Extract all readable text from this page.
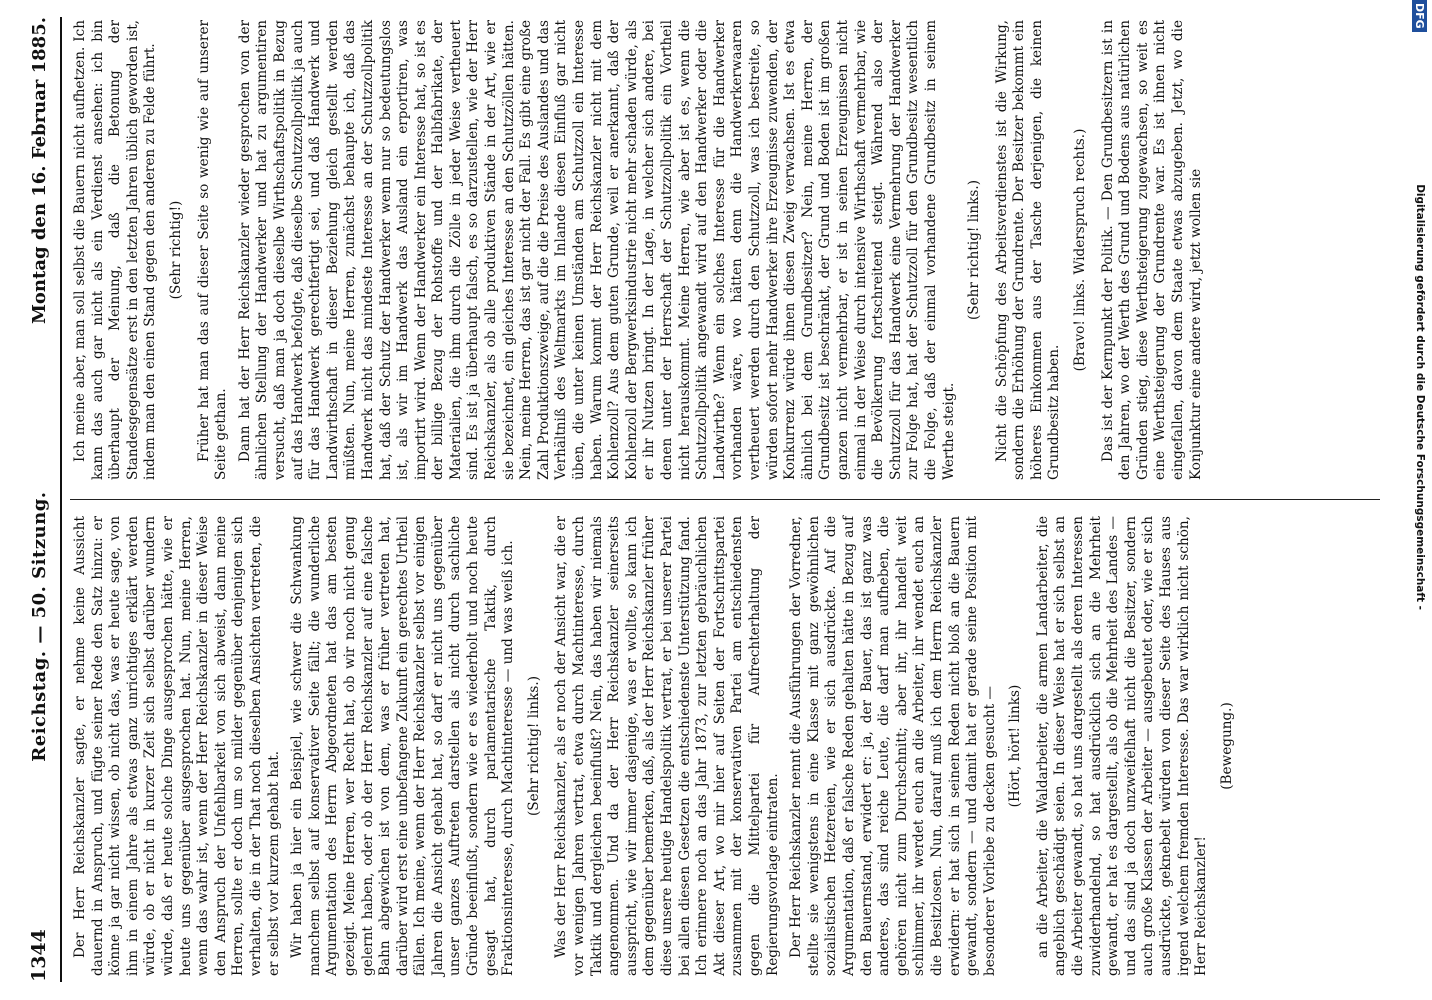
1344
Reichstag. — 50. Sitzung.
Montag den 16. Februar 1885.

Der Herr Reichskanzler sagte, er nehme keine Aussicht dauernd in Anspruch, und fügte seiner Rede den Satz hinzu: er könne ja gar nicht wissen, ob nicht das, was er heute sage, von ihm in einem Jahre als etwas ganz unrichtiges erklärt werden würde, ob er nicht in kurzer Zeit sich selbst darüber wundern würde, daß er heute solche Dinge ausgesprochen hätte, wie er heute uns gegenüber ausgesprochen hat. Nun, meine Herren, wenn das wahr ist, wenn der Herr Reichskanzler in dieser Weise den Anspruch der Unfehlbarkeit von sich abweist, dann meine Herren, sollte er doch um so milder gegenüber denjenigen sich verhalten, die in der That noch dieselben Ansichten vertreten, die er selbst vor kurzem gehabt hat. Wir haben ja hier ein Beispiel, wie schwer die Schwankung manchem selbst auf konservativer Seite fällt; die wunderliche Argumentation des Herrn Abgeordneten hat das am besten gezeigt. Meine Herren, wer Recht hat, ob wir noch nicht genug gelernt haben, oder ob der Herr Reichskanzler auf eine falsche Bahn abgewichen ist von dem, was er früher vertreten hat, darüber wird erst eine unbefangene Zukunft ein gerechtes Urtheil fällen. Ich meine, wenn der Herr Reichskanzler selbst vor einigen Jahren die Ansicht gehabt hat, so darf er nicht uns gegenüber unser ganzes Auftreten darstellen als nicht durch sachliche Gründe beeinflußt, sondern wie er es wiederholt und noch heute gesagt hat, durch parlamentarische Taktik, durch Fraktionsinteresse, durch Machtinteresse — und was weiß ich. (Sehr richtig! links.) Was der Herr Reichskanzler, als er noch der Ansicht war, die er vor wenigen Jahren vertrat, etwa durch Machtinteresse, durch Taktik und dergleichen beeinflußt? Nein, das haben wir niemals angenommen. Und da der Herr Reichskanzler seinerseits ausspricht, wie wir immer dasjenige, was er wollte, so kann ich dem gegenüber bemerken, daß, als der Herr Reichskanzler früher diese unsere heutige Handelspolitik vertrat, er bei unserer Partei bei allen diesen Gesetzen die entschiedenste Unterstützung fand. Ich erinnere noch an das Jahr 1873, zur letzten gebräuchlichen Akt dieser Art, wo mir hier auf Seiten der Fortschrittspartei zusammen mit der konservativen Partei am entschiedensten gegen die Mittelpartei für Aufrechterhaltung der Regierungsvorlage eintraten. Der Herr Reichskanzler nennt die Ausführungen der Vorredner, stellte sie wenigstens in eine Klasse mit ganz gewöhnlichen sozialistischen Hetzereien, wie er sich ausdrückte. Auf die Argumentation, daß er falsche Reden gehalten hätte in Bezug auf den Bauernstand, erwidert er: ja, der Bauer, das ist ganz was anderes, das sind reiche Leute, die darf man aufheben, die gehören nicht zum Durchschnitt; aber ihr, ihr handelt weit schlimmer, ihr werdet euch an die Arbeiter, ihr wendet euch an die Besitzlosen. Nun, darauf muß ich dem Herrn Reichskanzler erwidern: er hat sich in seinen Reden nicht bloß an die Bauern gewandt, sondern — und damit hat er gerade seine Position mit besonderer Vorliebe zu decken gesucht — (Hört, hört! links) an die Arbeiter, die Waldarbeiter, die armen Landarbeiter, die angeblich geschädigt seien. In dieser Weise hat er sich selbst an die Arbeiter gewandt, so hat uns dargestellt als deren Interessen zuwiderhandelnd, so hat ausdrücklich sich an die Mehrheit gewandt, er hat es dargestellt, als ob die Mehrheit des Landes — und das sind ja doch unzweifelhaft nicht die Besitzer, sondern auch große Klassen der Arbeiter — ausgebeutet oder, wie er sich ausdrückte, geknebelt würden von dieser Seite des Hauses aus irgend welchem fremden Interesse. Das war wirklich nicht schön, Herr Reichskanzler!

(Bewegung.)

Ich meine aber, man soll selbst die Bauern nicht aufhetzen. Ich kann das auch gar nicht als ein Verdienst ansehen: ich bin überhaupt der Meinung, daß die Betonung der Standesgegensätze erst in den letzten Jahren üblich geworden ist, indem man den einen Stand gegen den anderen zu Felde führt. (Sehr richtig!) Früher hat man das auf dieser Seite so wenig wie auf unserer Seite gethan. Dann hat der Herr Reichskanzler wieder gesprochen von der ähnlichen Stellung der Handwerker und hat zu argumentiren versucht, daß man ja doch dieselbe Wirthschaftspolitik in Bezug auf das Handwerk befolgte, daß dieselbe Schutzzollpolitik ja auch für das Handwerk gerechtfertigt sei, und daß Handwerk und Landwirthschaft in dieser Beziehung gleich gestellt werden müßten. Nun, meine Herren, zunächst behaupte ich, daß das Handwerk nicht das mindeste Interesse an der Schutzzollpolitik hat, daß der Schutz der Handwerker wenn nur so bedeutungslos ist, als wir im Handwerk das Ausland ein erportiren, was importirt wird. Wenn der Handwerker ein Interesse hat, so ist es der billige Bezug der Rohstoffe und der Halbfabrikate, der Materialien, die ihm durch die Zölle in jeder Weise vertheuert sind. Es ist ja überhaupt falsch, es so darzustellen, wie der Herr Reichskanzler, als ob alle produktiven Stände in der Art, wie er sie bezeichnet, ein gleiches Interesse an den Schutzzöllen hätten. Nein, meine Herren, das ist gar nicht der Fall. Es gibt eine große Zahl Produktionszweige, auf die die Preise des Auslandes und das Verhältniß des Weltmarkts im Inlande diesen Einfluß gar nicht üben, die unter keinen Umständen am Schutzzoll ein Interesse haben. Warum kommt der Herr Reichskanzler nicht mit dem Kohlenzoll? Aus dem guten Grunde, weil er anerkannt, daß der Kohlenzoll der Bergwerksindustrie nicht mehr schaden würde, als er ihr Nutzen bringt. In der Lage, in welcher sich andere, bei denen unter der Herrschaft der Schutzzollpolitik ein Vortheil nicht herauskommt. Meine Herren, wie aber ist es, wenn die Schutzzollpolitik angewandt wird auf den Handwerker oder die Landwirthe? Wenn ein solches Interesse für die Handwerker vorhanden wäre, wo hätten denn die Handwerkerwaaren vertheuert werden durch den Schutzzoll, was ich bestreite, so würden sofort mehr Handwerker ihre Erzeugnisse zuwenden, der Konkurrenz würde ihnen diesen Zweig verwachsen. Ist es etwa ähnlich bei dem Grundbesitzer? Nein, meine Herren, der Grundbesitz ist beschränkt, der Grund und Boden ist im großen ganzen nicht vermehrbar, er ist in seinen Erzeugnissen nicht einmal in der Weise durch intensive Wirthschaft vermehrbar, wie die Bevölkerung fortschreitend steigt. Während also der Schutzzoll für das Handwerk eine Vermehrung der Handwerker zur Folge hat, hat der Schutzzoll für den Grundbesitz wesentlich die Folge, daß der einmal vorhandene Grundbesitz in seinem Werthe steigt.

(Sehr richtig! links.) Nicht die Schöpfung des Arbeitsverdienstes ist die Wirkung, sondern die Erhöhung der Grundrente. Der Besitzer bekommt ein höheres Einkommen aus der Tasche derjenigen, die keinen Grundbesitz haben.

(Bravo! links. Widerspruch rechts.) Das ist der Kernpunkt der Politik. — Den Grundbesitzern ist in den Jahren, wo der Werth des Grund und Bodens aus natürlichen Gründen stieg, diese Werthsteigerung zugewachsen, so weit es eine Werthsteigerung der Grundrente war. Es ist ihnen nicht eingefallen, davon dem Staate etwas abzugeben. Jetzt, wo die Konjunktur eine andere wird, jetzt wollen sie

DFG
Digitalisierung gefördert durch die Deutsche Forschungsgemeinschaft -
